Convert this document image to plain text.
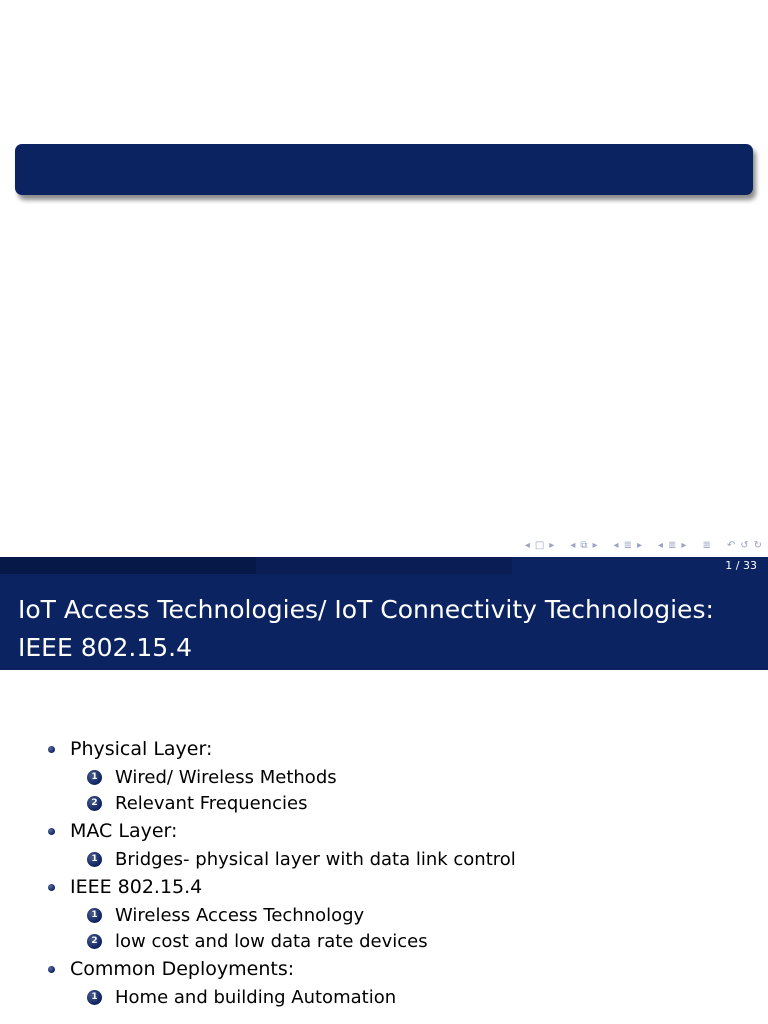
◂ □ ▸ ◂ ⧉ ▸ ◂ ≣ ▸ ◂ ≣ ▸ ≣ ↶ ↺ ↻
1 / 33
IoT Access Technologies/ IoT Connectivity Technologies: IEEE 802.15.4
Physical Layer:
1 Wired/ Wireless Methods
2 Relevant Frequencies
MAC Layer:
1 Bridges- physical layer with data link control
IEEE 802.15.4
1 Wireless Access Technology
2 low cost and low data rate devices
Common Deployments:
1 Home and building Automation
